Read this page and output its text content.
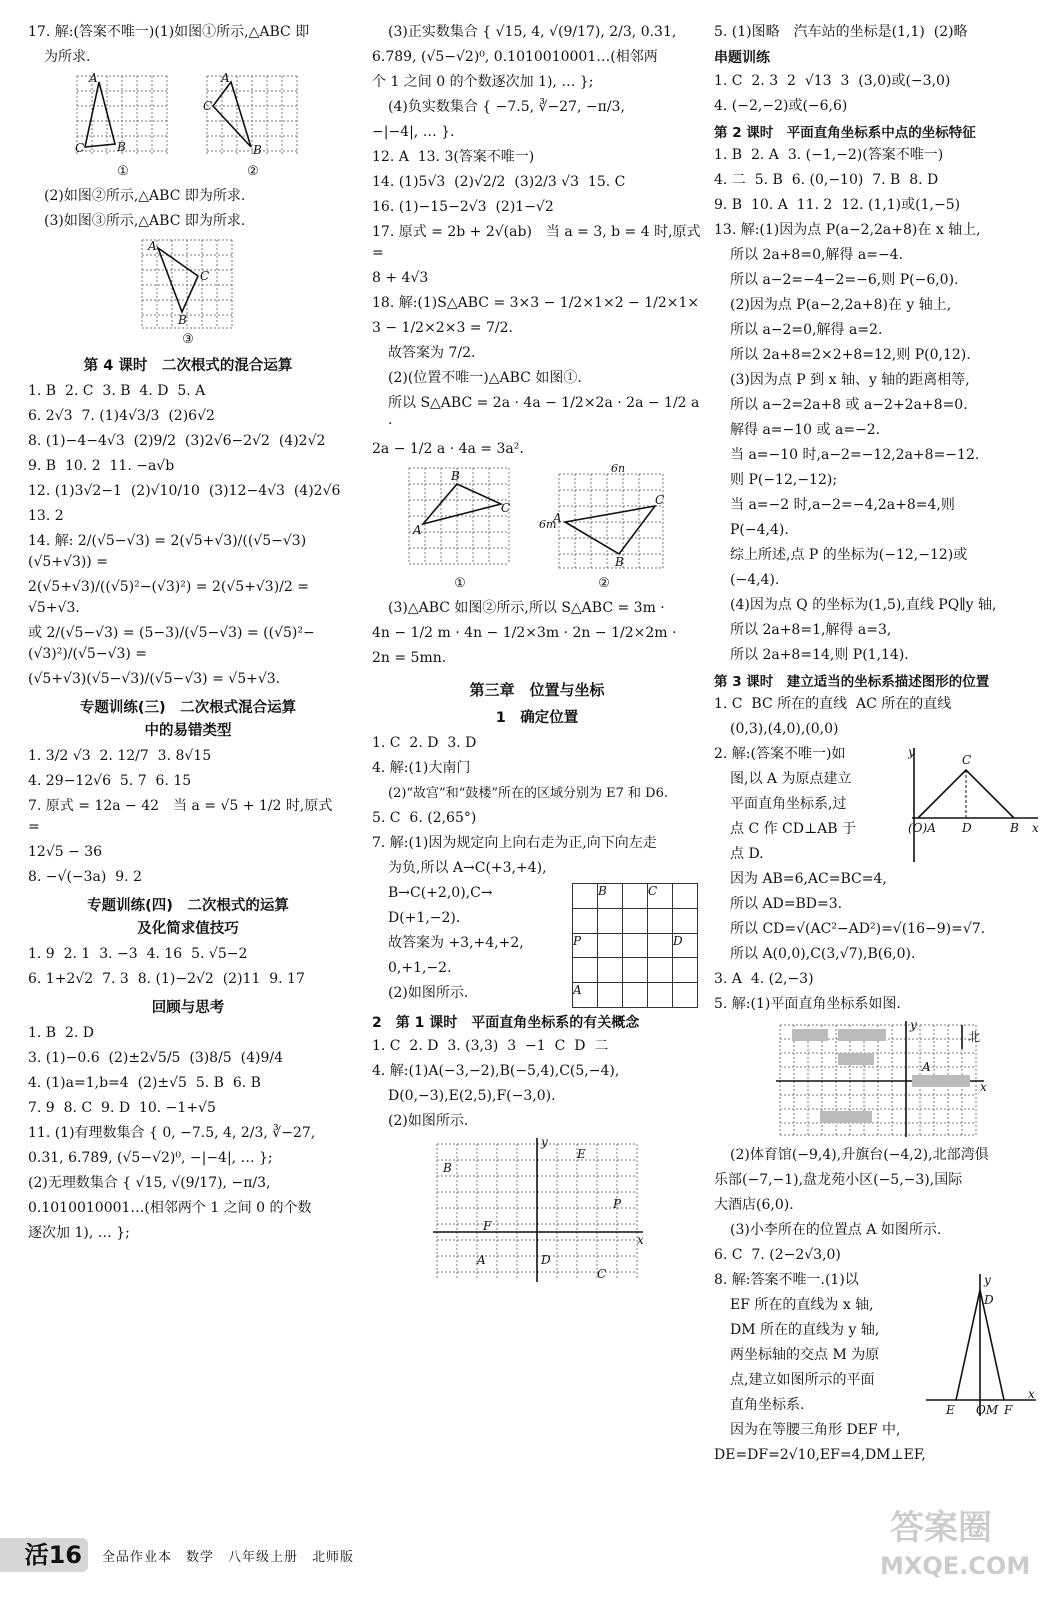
17. 解:(答案不唯一)(1)如图①所示,△ABC 即
为所求.
A
C	B
①
A
C
B
②
(2)如图②所示,△ABC 即为所求.
(3)如图③所示,△ABC 即为所求.
A
C
B
③
第 4 课时　二次根式的混合运算
1. B  2. C  3. B  4. D  5. A
6. 2√3  7. (1)4√3/3  (2)6√2
8. (1)−4−4√3  (2)9/2  (3)2√6−2√2  (4)2√2
9. B  10. 2  11. −a√b
12. (1)3√2−1  (2)√10/10  (3)12−4√3  (4)2√6
13. 2
14. 解: 2/(√5−√3) = 2(√5+√3)/((√5−√3)(√5+√3)) =
2(√5+√3)/((√5)²−(√3)²) = 2(√5+√3)/2 = √5+√3.
或 2/(√5−√3) = (5−3)/(√5−√3) = ((√5)²−(√3)²)/(√5−√3) =
(√5+√3)(√5−√3)/(√5−√3) = √5+√3.
专题训练(三)　二次根式混合运算
中的易错类型
1. 3/2 √3  2. 12/7  3. 8√15
4. 29−12√6  5. 7  6. 15
7. 原式 = 12a − 42　当 a = √5 + 1/2 时,原式 =
12√5 − 36
8. −√(−3a)  9. 2
专题训练(四)　二次根式的运算
及化简求值技巧
1. 9  2. 1  3. −3  4. 16  5. √5−2
6. 1+2√2  7. 3  8. (1)−2√2  (2)11  9. 17
回顾与思考
1. B  2. D
3. (1)−0.6  (2)±2√5/5  (3)8/5  (4)9/4
4. (1)a=1,b=4  (2)±√5  5. B  6. B
7. 9  8. C  9. D  10. −1+√5
11. (1)有理数集合 { 0, −7.5, 4, 2/3, ∛−27,
0.31, 6.78̇9̇, (√5−√2)⁰, −|−4|, … };
(2)无理数集合 { √15, √(9/17), −π/3,
0.1010010001…(相邻两个 1 之间 0 的个数
逐次加 1), … };
(3)正实数集合 { √15, 4, √(9/17), 2/3, 0.31,
6.78̇9̇, (√5−√2)⁰, 0.1010010001…(相邻两
个 1 之间 0 的个数逐次加 1), … };
(4)负实数集合 { −7.5, ∛−27, −π/3,
−|−4|, … }.
12. A  13. 3(答案不唯一)
14. (1)5√3  (2)√2/2  (3)2/3 √3  15. C
16. (1)−15−2√3  (2)1−√2
17. 原式 = 2b + 2√(ab)　当 a = 3, b = 4 时,原式 =
8 + 4√3
18. 解:(1)S△ABC = 3×3 − 1/2×1×2 − 1/2×1×
3 − 1/2×2×3 = 7/2.
故答案为 7/2.
(2)(位置不唯一)△ABC 如图①.
所以 S△ABC = 2a · 4a − 1/2×2a · 2a − 1/2 a ·
2a − 1/2 a · 4a = 3a².
B
C
A
①
A
C
B
6n
6m
②
(3)△ABC 如图②所示,所以 S△ABC = 3m ·
4n − 1/2 m · 4n − 1/2×3m · 2n − 1/2×2m ·
2n = 5mn.
第三章　位置与坐标
1　确定位置
1. C  2. D  3. D
4. 解:(1)大南门
(2)“故宫”和“鼓楼”所在的区域分别为 E7 和 D6.
5. C  6. (2,65°)
7. 解:(1)因为规定向上向右走为正,向下向左走
为负,所以 A→C(+3,+4),
B→C(+2,0),C→
D(+1,−2).
故答案为 +3,+4,+2,
0,+1,−2.
(2)如图所示.
	B		C	

P				D

A				
2　第 1 课时　平面直角坐标系的有关概念
1. C  2. D  3. (3,3)  3  −1  C  D  二
4. 解:(1)A(−3,−2),B(−5,4),C(5,−4),
D(0,−3),E(2,5),F(−3,0).
(2)如图所示.
x
y
B
E
P
F
A	D
C
5. (1)图略　汽车站的坐标是(1,1)  (2)略
串题训练
1. C  2. 3  2  √13  3  (3,0)或(−3,0)
4. (−2,−2)或(−6,6)
第 2 课时　平面直角坐标系中点的坐标特征
1. B  2. A  3. (−1,−2)(答案不唯一)
4. 二  5. B  6. (0,−10)  7. B  8. D
9. B  10. A  11. 2  12. (1,1)或(1,−5)
13. 解:(1)因为点 P(a−2,2a+8)在 x 轴上,
所以 2a+8=0,解得 a=−4.
所以 a−2=−4−2=−6,则 P(−6,0).
(2)因为点 P(a−2,2a+8)在 y 轴上,
所以 a−2=0,解得 a=2.
所以 2a+8=2×2+8=12,则 P(0,12).
(3)因为点 P 到 x 轴、y 轴的距离相等,
所以 a−2=2a+8 或 a−2+2a+8=0.
解得 a=−10 或 a=−2.
当 a=−10 时,a−2=−12,2a+8=−12.
则 P(−12,−12);
当 a=−2 时,a−2=−4,2a+8=4,则
P(−4,4).
综上所述,点 P 的坐标为(−12,−12)或
(−4,4).
(4)因为点 Q 的坐标为(1,5),直线 PQ∥y 轴,
所以 2a+8=1,解得 a=3,
所以 2a+8=14,则 P(1,14).
第 3 课时　建立适当的坐标系描述图形的位置
1. C  BC 所在的直线  AC 所在的直线
(0,3),(4,0),(0,0)
2. 解:(答案不唯一)如
图,以 A 为原点建立
平面直角坐标系,过
点 C 作 CD⊥AB 于
点 D.
C
(O)A D	B x
y
因为 AB=6,AC=BC=4,
所以 AD=BD=3.
所以 CD=√(AC²−AD²)=√(16−9)=√7.
所以 A(0,0),C(3,√7),B(6,0).
3. A  4. (2,−3)
5. 解:(1)平面直角坐标系如图.
x
y
北
A
(2)体育馆(−9,4),升旗台(−4,2),北部湾俱
乐部(−7,−1),盘龙苑小区(−5,−3),国际
大酒店(6,0).
(3)小李所在的位置点 A 如图所示.
6. C  7. (2−2√3,0)
8. 解:答案不唯一.(1)以
EF 所在的直线为 x 轴,
DM 所在的直线为 y 轴,
两坐标轴的交点 M 为原
点,建立如图所示的平面
直角坐标系.
y
D
E OM F
x
因为在等腰三角形 DEF 中,
DE=DF=2√10,EF=4,DM⊥EF,
活16	全品作业本　数学　八年级上册　北师版
答案圈
MXQE.COM
